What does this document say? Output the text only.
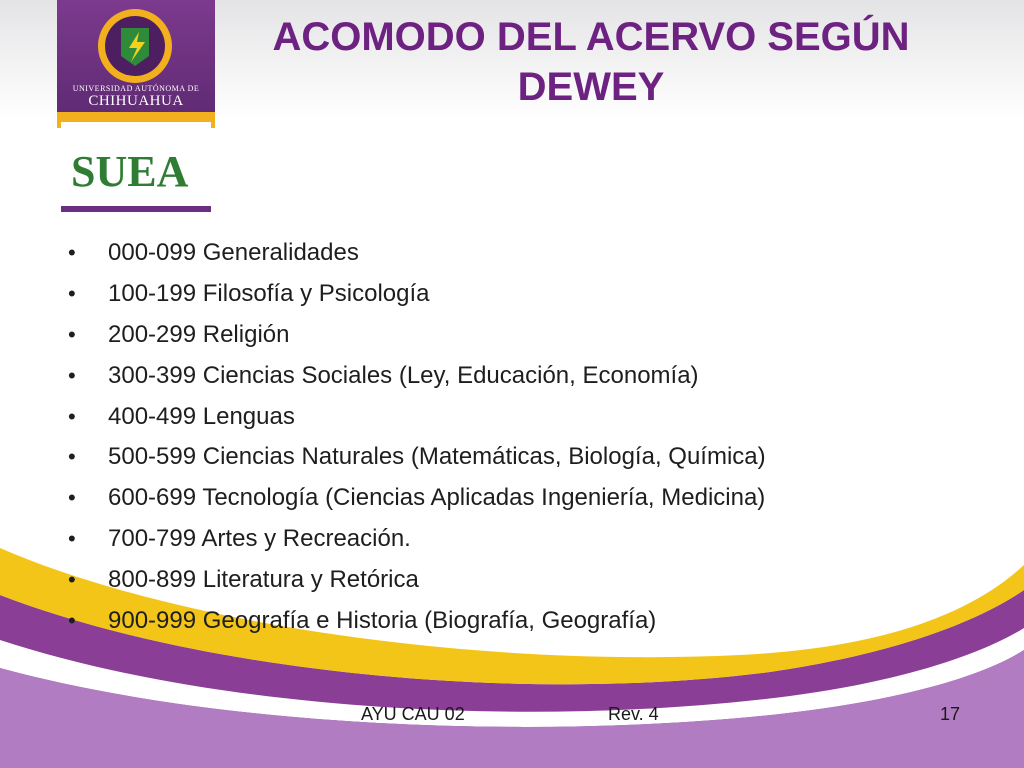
UNIVERSIDAD AUTÓNOMA DE
CHIHUAHUA
SUEA
ACOMODO DEL ACERVO SEGÚN
DEWEY
• 000-099 Generalidades
• 100-199 Filosofía y Psicología
• 200-299 Religión
• 300-399 Ciencias Sociales (Ley, Educación, Economía)
• 400-499 Lenguas
• 500-599 Ciencias Naturales (Matemáticas, Biología, Química)
• 600-699 Tecnología (Ciencias Aplicadas Ingeniería, Medicina)
• 700-799 Artes y Recreación.
• 800-899 Literatura y Retórica
• 900-999 Geografía e Historia (Biografía, Geografía)
AYU CAU 02	Rev. 4	17
